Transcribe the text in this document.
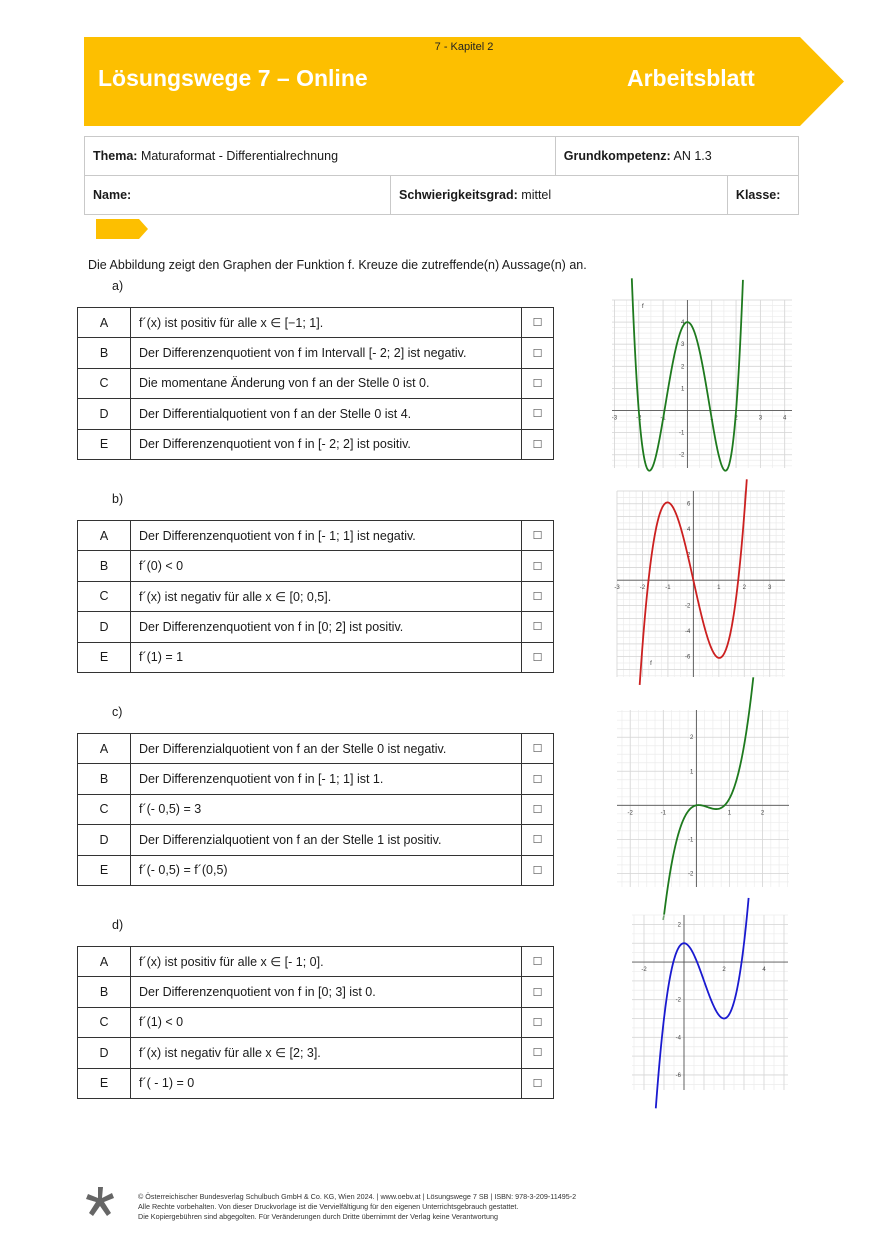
7 - Kapitel 2
Lösungswege 7 – Online	Arbeitsblatt
Thema: Maturaformat - Differentialrechnung		Grundkompetenz: AN 1.3	
Name:	Schwierigkeitsgrad: mittel		Klasse:
Die Abbildung zeigt den Graphen der Funktion f. Kreuze die zutreffende(n) Aussage(n) an.
a)
A	f´(x) ist positiv für alle x ∈ [−1; 1].	☐
B	Der Differenzenquotient von f im Intervall [- 2; 2] ist negativ.	☐
C	Die momentane Änderung von f an der Stelle 0 ist 0.	☐
D	Der Differentialquotient von f an der Stelle 0 ist 4.	☐
E	Der Differenzenquotient von f in [- 2; 2] ist positiv.	☐
b)
A	Der Differenzenquotient von f in [- 1; 1] ist negativ.	☐
B	f´(0) < 0	☐
C	f´(x) ist negativ für alle x ∈ [0; 0,5].	☐
D	Der Differenzenquotient von f in [0; 2] ist positiv.	☐
E	f´(1) = 1	☐
c)
A	Der Differenzialquotient von f an der Stelle 0 ist negativ.	☐
B	Der Differenzenquotient von f in [- 1; 1] ist 1.	☐
C	f´(- 0,5) = 3	☐
D	Der Differenzialquotient von f an der Stelle 1 ist positiv.	☐
E	f´(- 0,5) = f´(0,5)	☐
d)
A	f´(x) ist positiv für alle x ∈ [- 1; 0].	☐
B	Der Differenzenquotient von f in [0; 3] ist 0.	☐
C	f´(1) < 0	☐
D	f´(x) ist negativ für alle x ∈ [2; 3].	☐
E	f´( - 1) = 0	☐
-3	-2	-1	1	2	3	4
-2
-1
1
2
3
4
f
-3	-2	-1	1	2	3
-6
-4
-2
2
4
6
f
-2	-1	1	2
-2
-1
1
2
-2	2	4
-6
-4
-2
2
© Österreichischer Bundesverlag Schulbuch GmbH & Co. KG, Wien 2024. | www.oebv.at | Lösungswege 7 SB | ISBN: 978-3-209-11495-2
Alle Rechte vorbehalten. Von dieser Druckvorlage ist die Vervielfältigung für den eigenen Unterrichtsgebrauch gestattet.
Die Kopiergebühren sind abgegolten. Für Veränderungen durch Dritte übernimmt der Verlag keine Verantwortung
